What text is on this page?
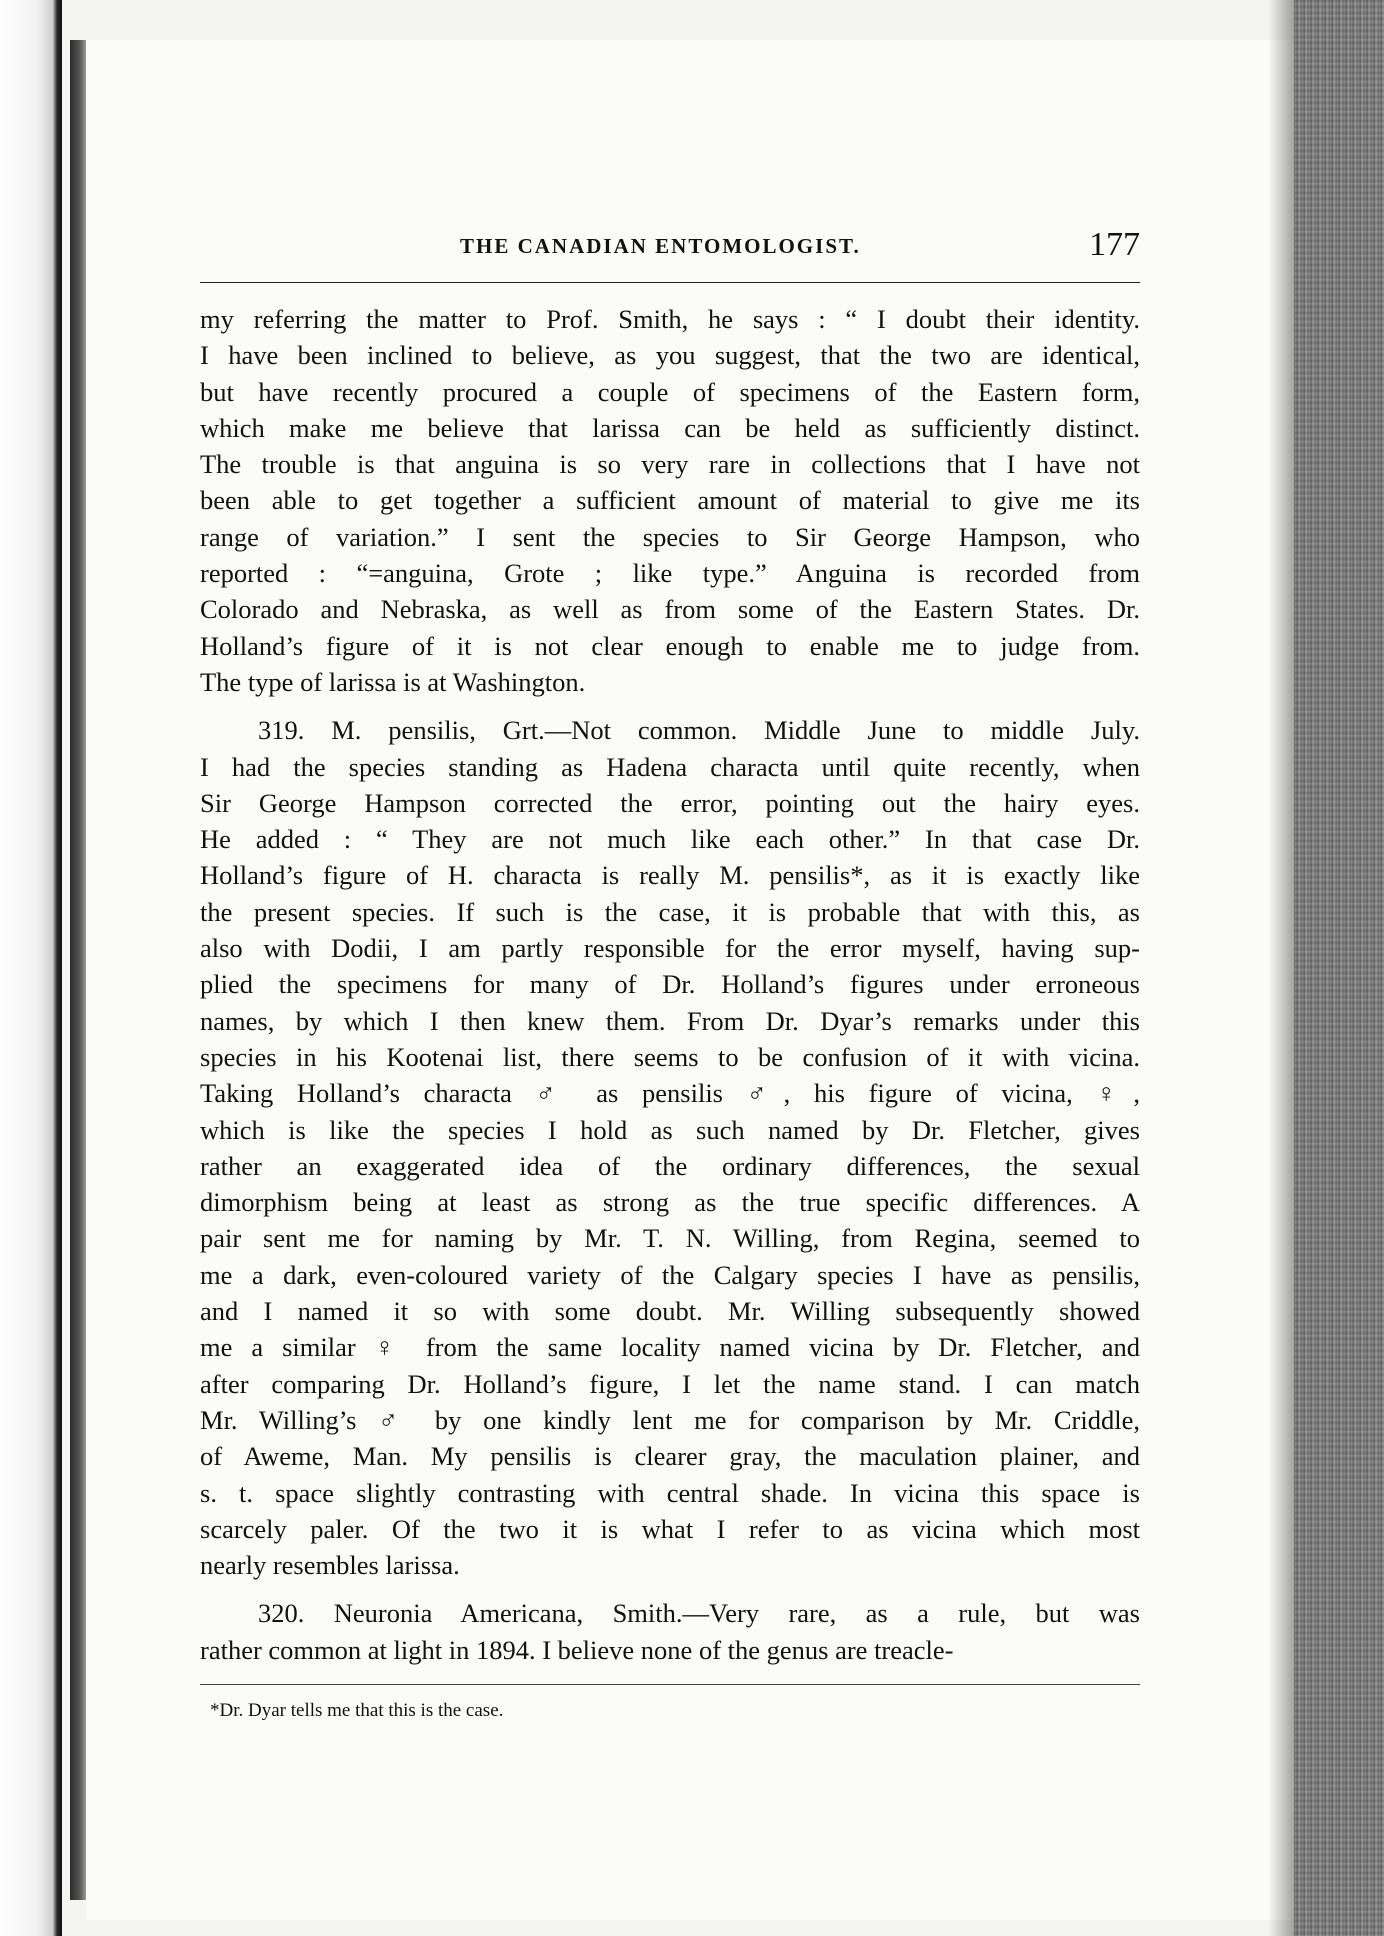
THE CANADIAN ENTOMOLOGIST.	177

my referring the matter to Prof. Smith, he says : “ I doubt their identity.
I have been inclined to believe, as you suggest, that the two are identical,
but have recently procured a couple of specimens of the Eastern form,
which make me believe that larissa can be held as sufficiently distinct.
The trouble is that anguina is so very rare in collections that I have not
been able to get together a sufficient amount of material to give me its
range of variation.” I sent the species to Sir George Hampson, who
reported : “=anguina, Grote ; like type.” Anguina is recorded from
Colorado and Nebraska, as well as from some of the Eastern States. Dr.
Holland’s figure of it is not clear enough to enable me to judge from.
The type of larissa is at Washington.

319. M. pensilis, Grt.—Not common. Middle June to middle July.
I had the species standing as Hadena characta until quite recently, when
Sir George Hampson corrected the error, pointing out the hairy eyes.
He added : “ They are not much like each other.” In that case Dr.
Holland’s figure of H. characta is really M. pensilis*, as it is exactly like
the present species. If such is the case, it is probable that with this, as
also with Dodii, I am partly responsible for the error myself, having sup-
plied the specimens for many of Dr. Holland’s figures under erroneous
names, by which I then knew them. From Dr. Dyar’s remarks under this
species in his Kootenai list, there seems to be confusion of it with vicina.
Taking Holland’s characta ♂ as pensilis ♂, his figure of vicina, ♀,
which is like the species I hold as such named by Dr. Fletcher, gives
rather an exaggerated idea of the ordinary differences, the sexual
dimorphism being at least as strong as the true specific differences. A
pair sent me for naming by Mr. T. N. Willing, from Regina, seemed to
me a dark, even-coloured variety of the Calgary species I have as pensilis,
and I named it so with some doubt. Mr. Willing subsequently showed
me a similar ♀ from the same locality named vicina by Dr. Fletcher, and
after comparing Dr. Holland’s figure, I let the name stand. I can match
Mr. Willing’s ♂ by one kindly lent me for comparison by Mr. Criddle,
of Aweme, Man. My pensilis is clearer gray, the maculation plainer, and
s. t. space slightly contrasting with central shade. In vicina this space is
scarcely paler. Of the two it is what I refer to as vicina which most
nearly resembles larissa.

320. Neuronia Americana, Smith.—Very rare, as a rule, but was
rather common at light in 1894. I believe none of the genus are treacle-

*Dr. Dyar tells me that this is the case.
